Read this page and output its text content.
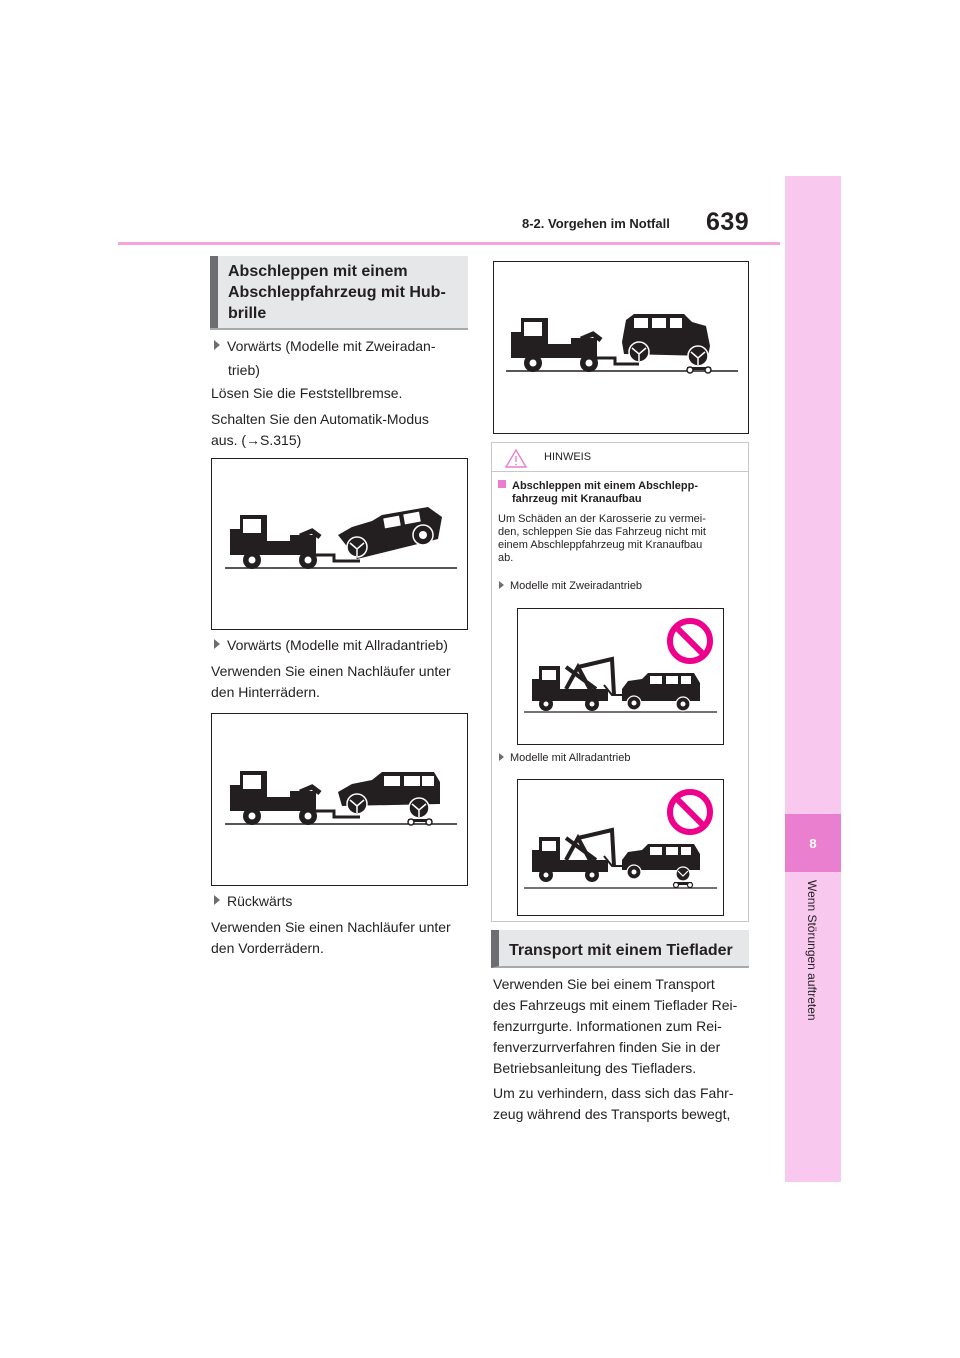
8-2. Vorgehen im Notfall 639
8
Wenn Störungen auftreten
Abschleppen mit einem
Abschleppfahrzeug mit Hub-
brille
Vorwärts (Modelle mit Zweiradan-
trieb)
Lösen Sie die Feststellbremse.
Schalten Sie den Automatik-Modus
aus. (→S.315)
Vorwärts (Modelle mit Allradantrieb)
Verwenden Sie einen Nachläufer unter
den Hinterrädern.
Rückwärts
Verwenden Sie einen Nachläufer unter
den Vorderrädern.
HINWEIS
Abschleppen mit einem Abschlepp-
fahrzeug mit Kranaufbau
Um Schäden an der Karosserie zu vermei-
den, schleppen Sie das Fahrzeug nicht mit
einem Abschleppfahrzeug mit Kranaufbau
ab.
Modelle mit Zweiradantrieb
Modelle mit Allradantrieb
Transport mit einem Tieflader
Verwenden Sie bei einem Transport
des Fahrzeugs mit einem Tieflader Rei-
fenzurrgurte. Informationen zum Rei-
fenverzurrverfahren finden Sie in der
Betriebsanleitung des Tiefladers.
Um zu verhindern, dass sich das Fahr-
zeug während des Transports bewegt,
